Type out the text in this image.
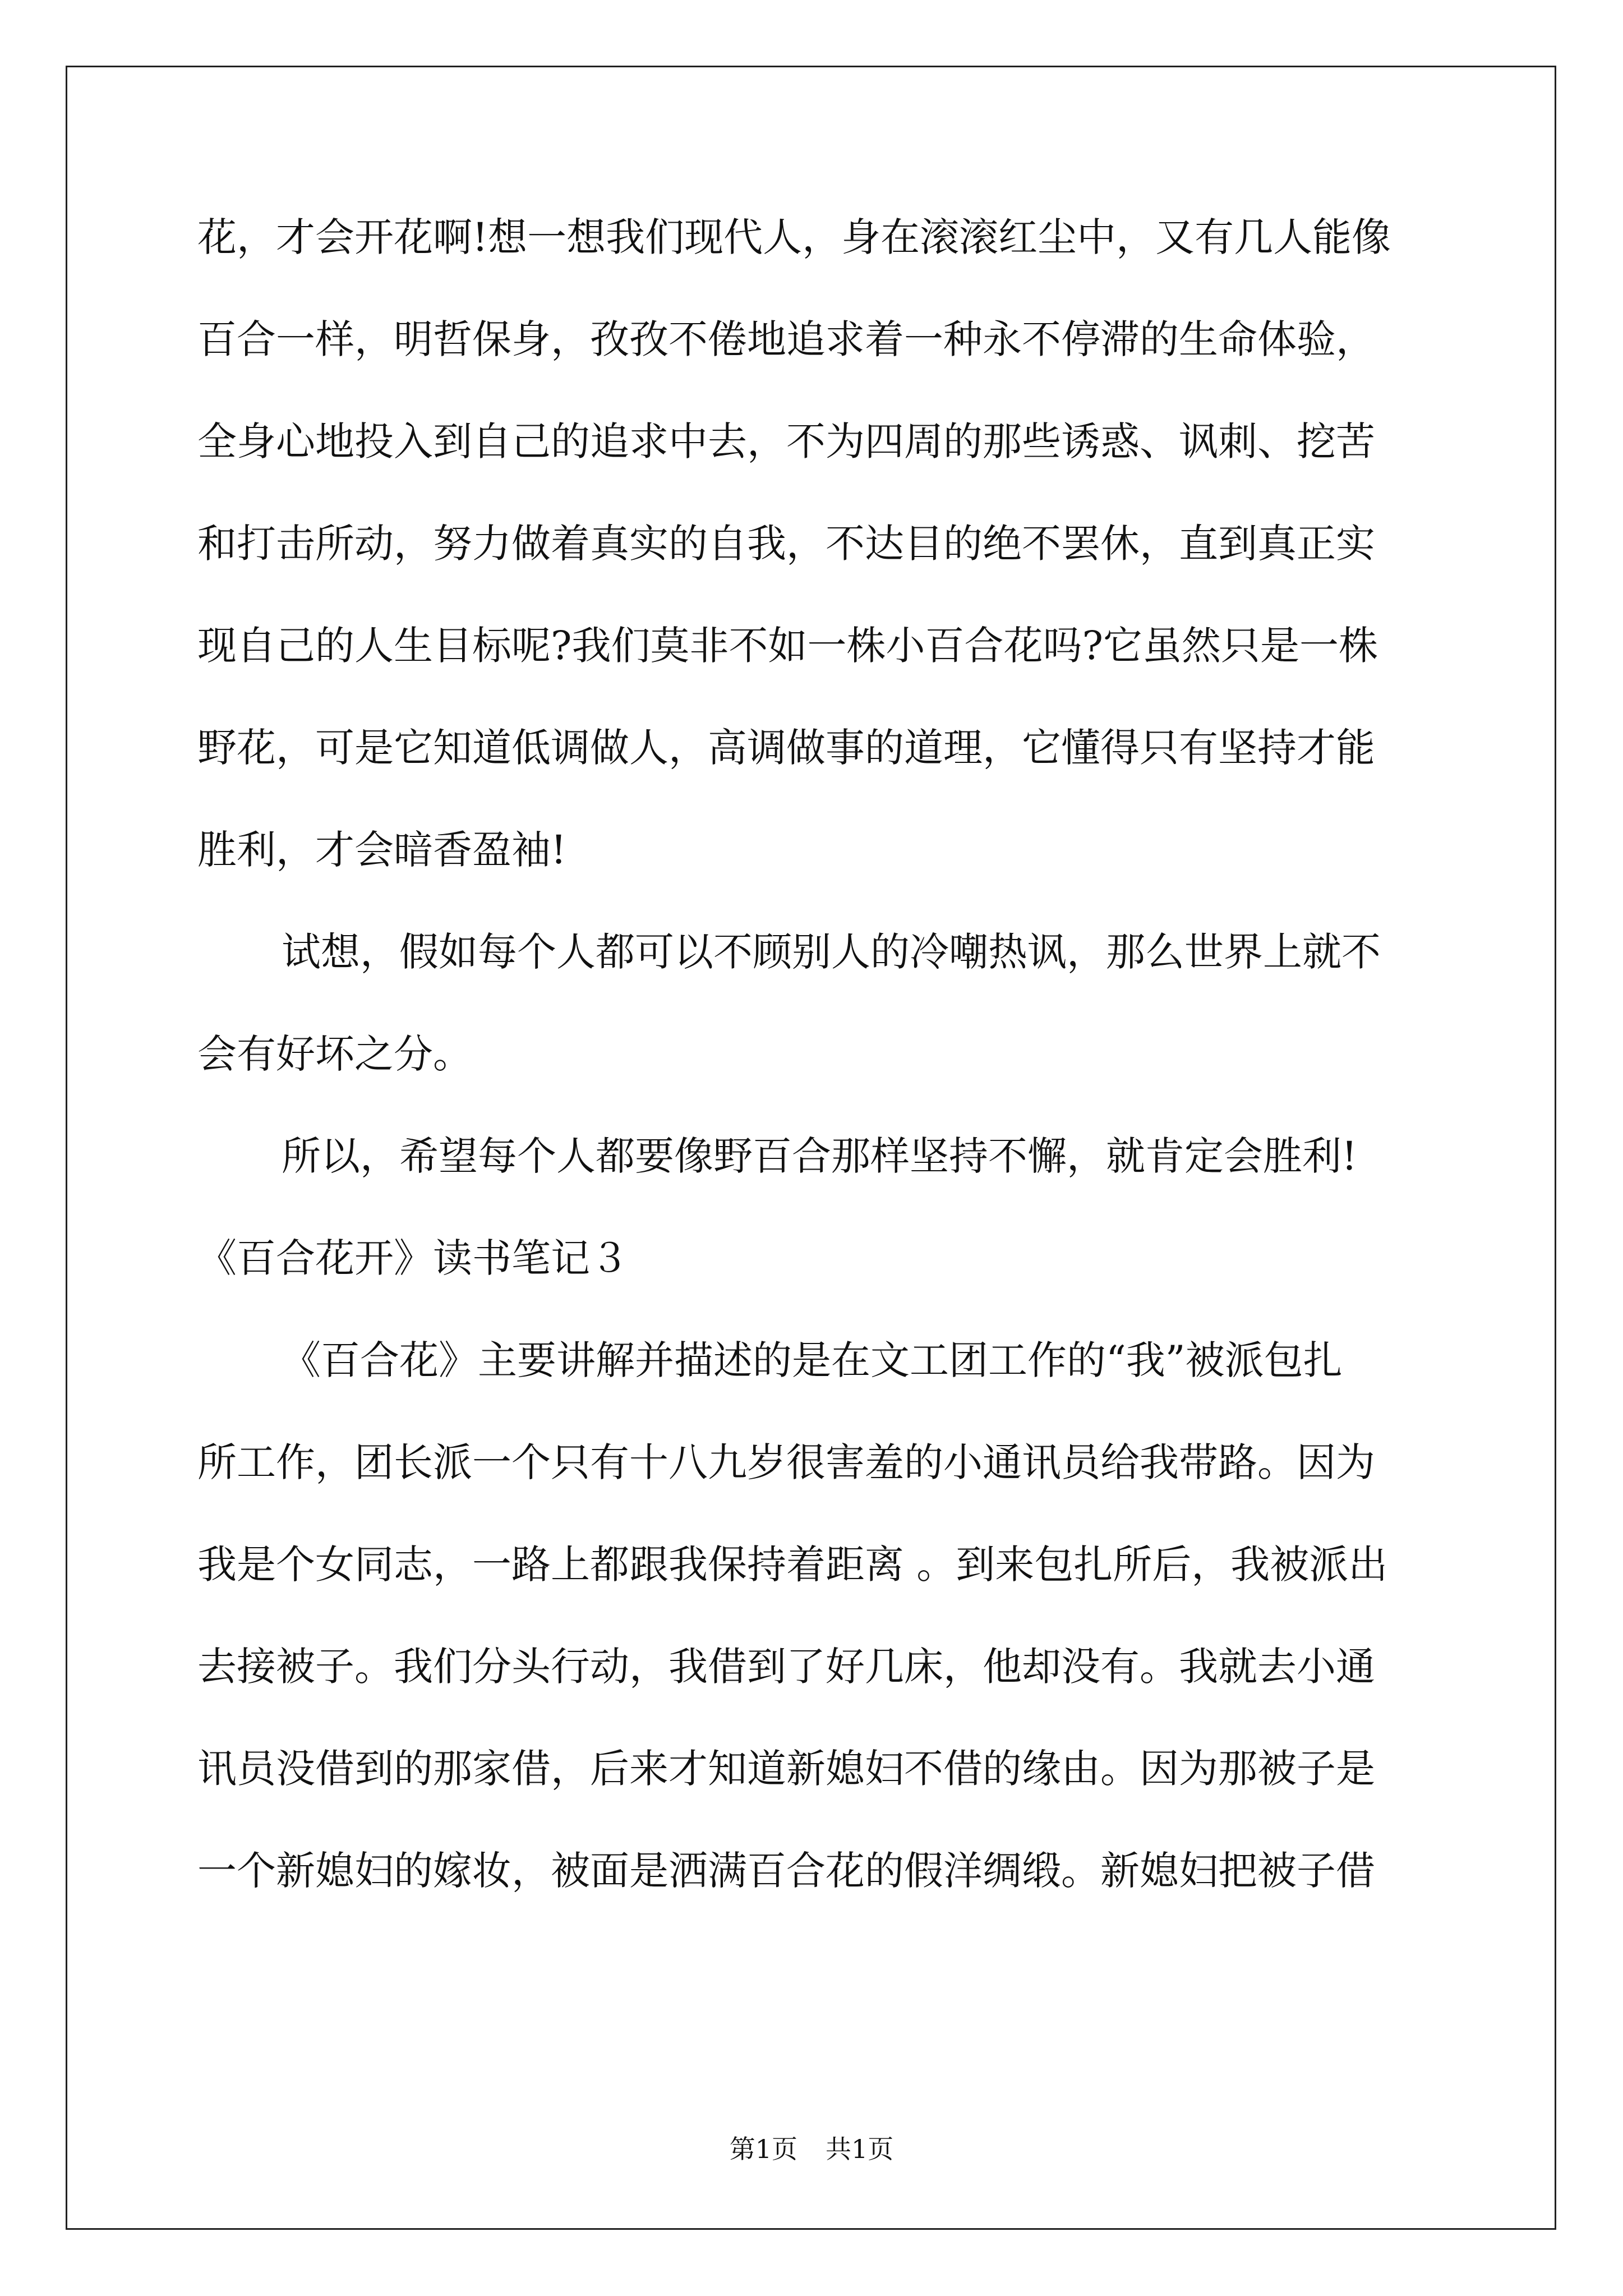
花，才会开花啊!想一想我们现代人，身在滚滚红尘中，又有几人能像
百合一样，明哲保身，孜孜不倦地追求着一种永不停滞的生命体验，
全身心地投入到自己的追求中去，不为四周的那些诱惑、讽刺、挖苦
和打击所动，努力做着真实的自我，不达目的绝不罢休，直到真正实
现自己的人生目标呢?我们莫非不如一株小百合花吗?它虽然只是一株
野花，可是它知道低调做人，高调做事的道理，它懂得只有坚持才能
胜利，才会暗香盈袖!
试想，假如每个人都可以不顾别人的冷嘲热讽，那么世界上就不
会有好坏之分。
所以，希望每个人都要像野百合那样坚持不懈，就肯定会胜利!
《百合花开》读书笔记３
《百合花》主要讲解并描述的是在文工团工作的“我”被派包扎
所工作，团长派一个只有十八九岁很害羞的小通讯员给我带路。因为
我是个女同志，一路上都跟我保持着距离 。到来包扎所后，我被派出
去接被子。我们分头行动，我借到了好几床，他却没有。我就去小通
讯员没借到的那家借，后来才知道新媳妇不借的缘由。因为那被子是
一个新媳妇的嫁妆，被面是洒满百合花的假洋绸缎。新媳妇把被子借
第1页 共1页
